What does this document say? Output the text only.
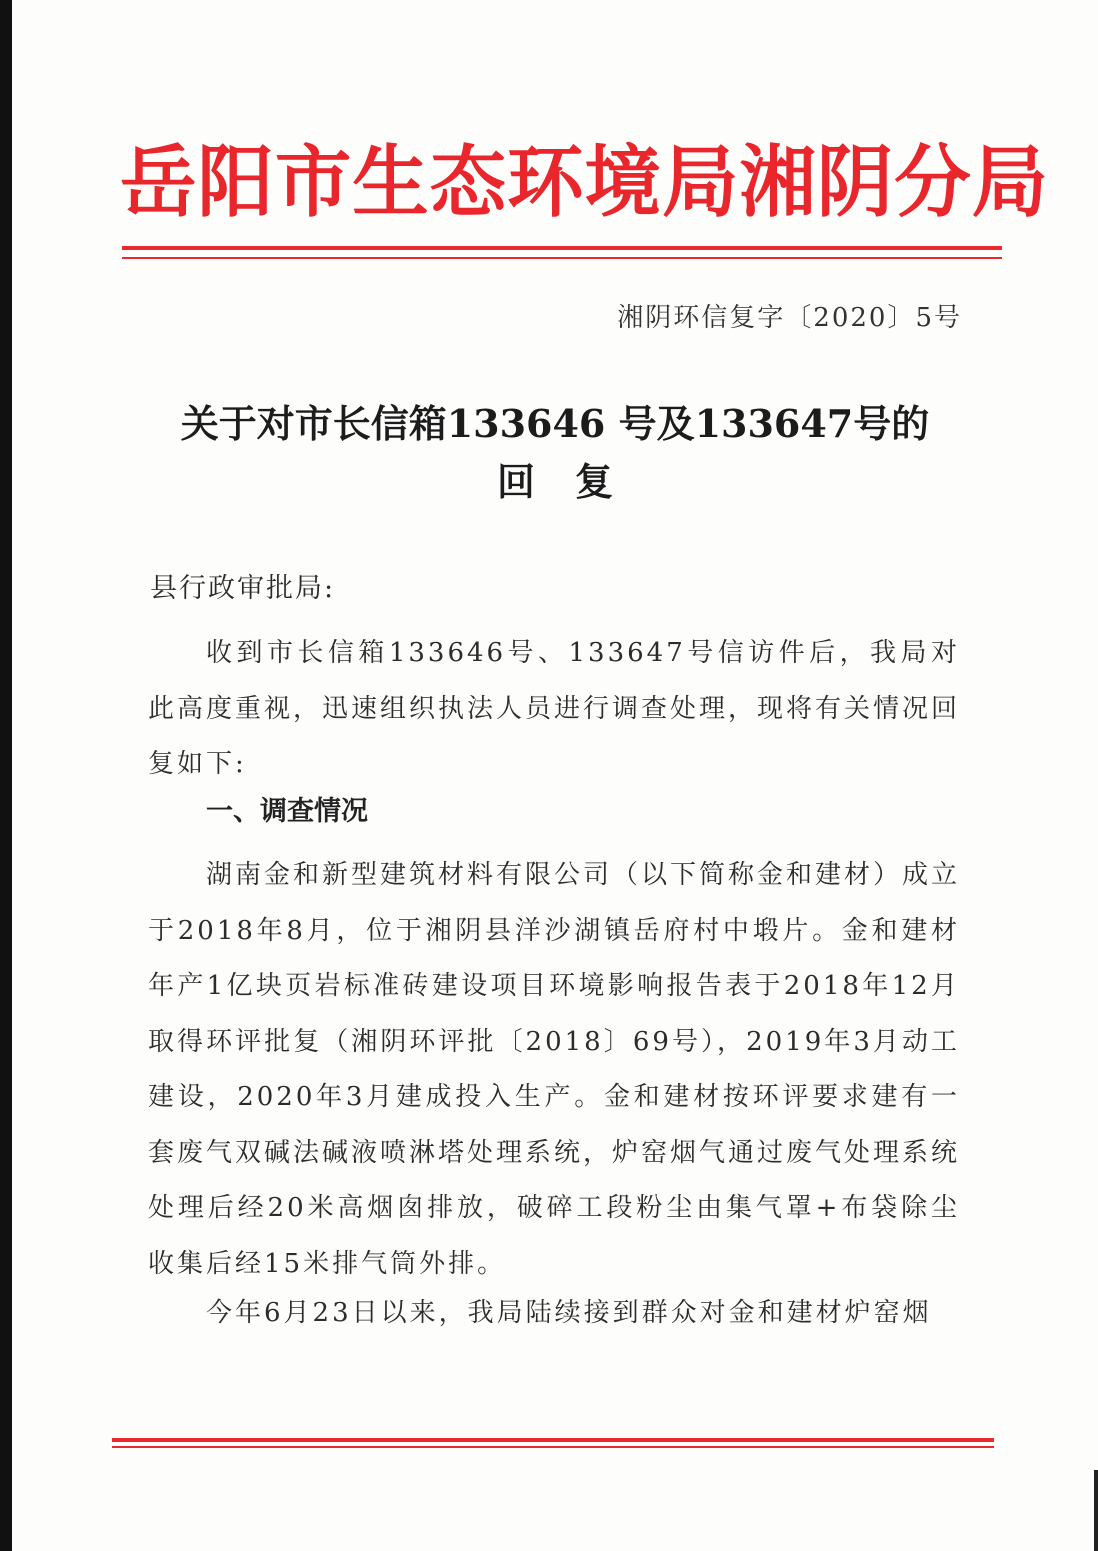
岳阳市生态环境局湘阴分局
湘阴环信复字〔2020〕5号
关于对市长信箱133646 号及133647号的
回复
县行政审批局:
收到市长信箱133646号、133647号信访件后，我局对此高度重视，迅速组织执法人员进行调查处理，现将有关情况回复如下:
一、调查情况
湖南金和新型建筑材料有限公司（以下简称金和建材）成立于2018年8月，位于湘阴县洋沙湖镇岳府村中塅片。金和建材年产1亿块页岩标准砖建设项目环境影响报告表于2018年12月取得环评批复（湘阴环评批〔2018〕69号），2019年3月动工建设，2020年3月建成投入生产。金和建材按环评要求建有一套废气双碱法碱液喷淋塔处理系统，炉窑烟气通过废气处理系统处理后经20米高烟囱排放，破碎工段粉尘由集气罩+布袋除尘收集后经15米排气筒外排。
今年6月23日以来，我局陆续接到群众对金和建材炉窑烟
